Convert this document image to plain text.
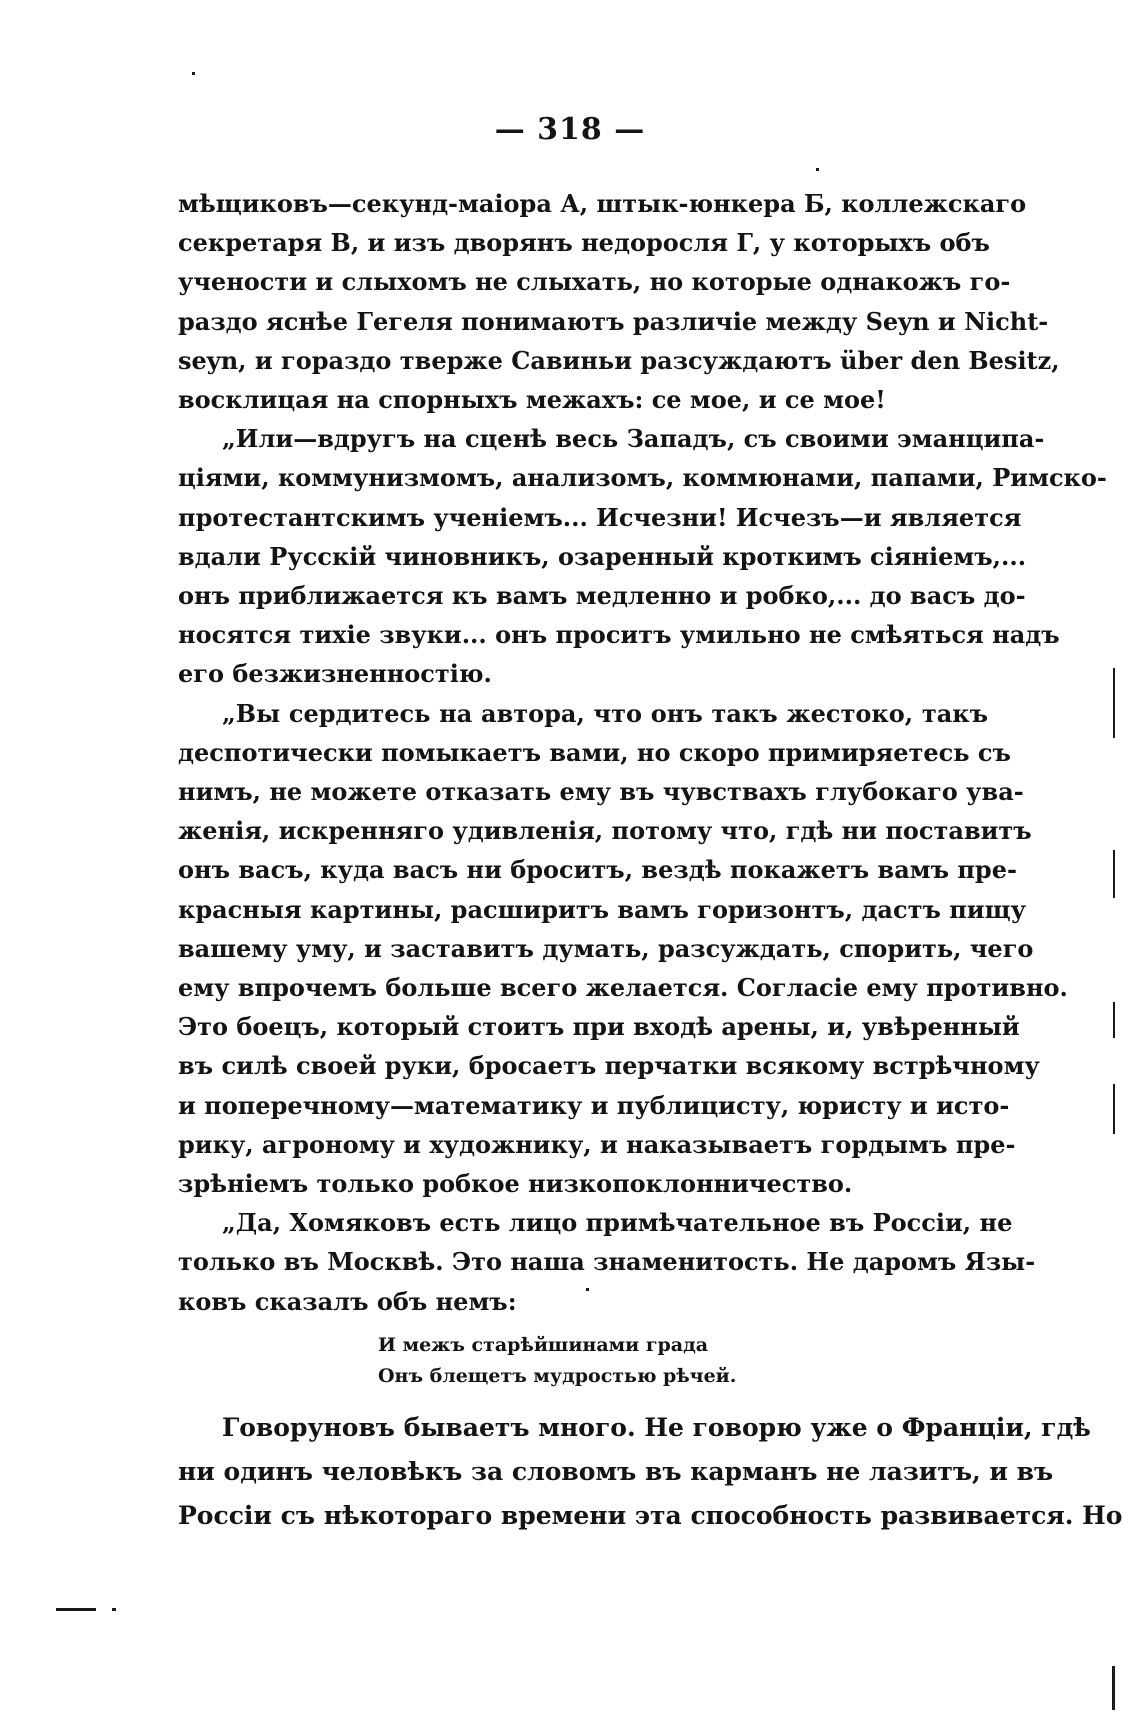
— 318 —

мѣщиковъ—секунд-маіора А, штык-юнкера Б, коллежскаго
секретаря В, и изъ дворянъ недоросля Г, у которыхъ объ
учености и слыхомъ не слыхать, но которые однакожъ го-
раздо яснѣе Гегеля понимаютъ различіе между Seyn и Nicht-
seyn, и гораздо тверже Савиньи разсуждаютъ über den Besitz,
восклицая на спорныхъ межахъ: се мое, и се мое!

„Или—вдругъ на сценѣ весь Западъ, съ своими эманципа-
ціями, коммунизмомъ, анализомъ, коммюнами, папами, Римско-
протестантскимъ ученіемъ... Исчезни! Исчезъ—и является
вдали Русскій чиновникъ, озаренный кроткимъ сіяніемъ,...
онъ приближается къ вамъ медленно и робко,... до васъ до-
носятся тихіе звуки... онъ проситъ умильно не смѣяться надъ
его безжизненностію.

„Вы сердитесь на автора, что онъ такъ жестоко, такъ
деспотически помыкаетъ вами, но скоро примиряетесь съ
нимъ, не можете отказать ему въ чувствахъ глубокаго ува-
женія, искренняго удивленія, потому что, гдѣ ни поставитъ
онъ васъ, куда васъ ни броситъ, вездѣ покажетъ вамъ пре-
красныя картины, расширитъ вамъ горизонтъ, дастъ пищу
вашему уму, и заставитъ думать, разсуждать, спорить, чего
ему впрочемъ больше всего желается. Согласіе ему противно.
Это боецъ, который стоитъ при входѣ арены, и, увѣренный
въ силѣ своей руки, бросаетъ перчатки всякому встрѣчному
и поперечному—математику и публицисту, юристу и исто-
рику, агроному и художнику, и наказываетъ гордымъ пре-
зрѣніемъ только робкое низкопоклонничество.

„Да, Хомяковъ есть лицо примѣчательное въ Россіи, не
только въ Москвѣ. Это наша знаменитость. Не даромъ Язы-
ковъ сказалъ объ немъ:

И межъ старѣйшинами града
Онъ блещетъ мудростью рѣчей.

Говоруновъ бываетъ много. Не говорю уже о Франціи, гдѣ
ни одинъ человѣкъ за словомъ въ карманъ не лазитъ, и въ
Россіи съ нѣкотораго времени эта способность развивается. Но
